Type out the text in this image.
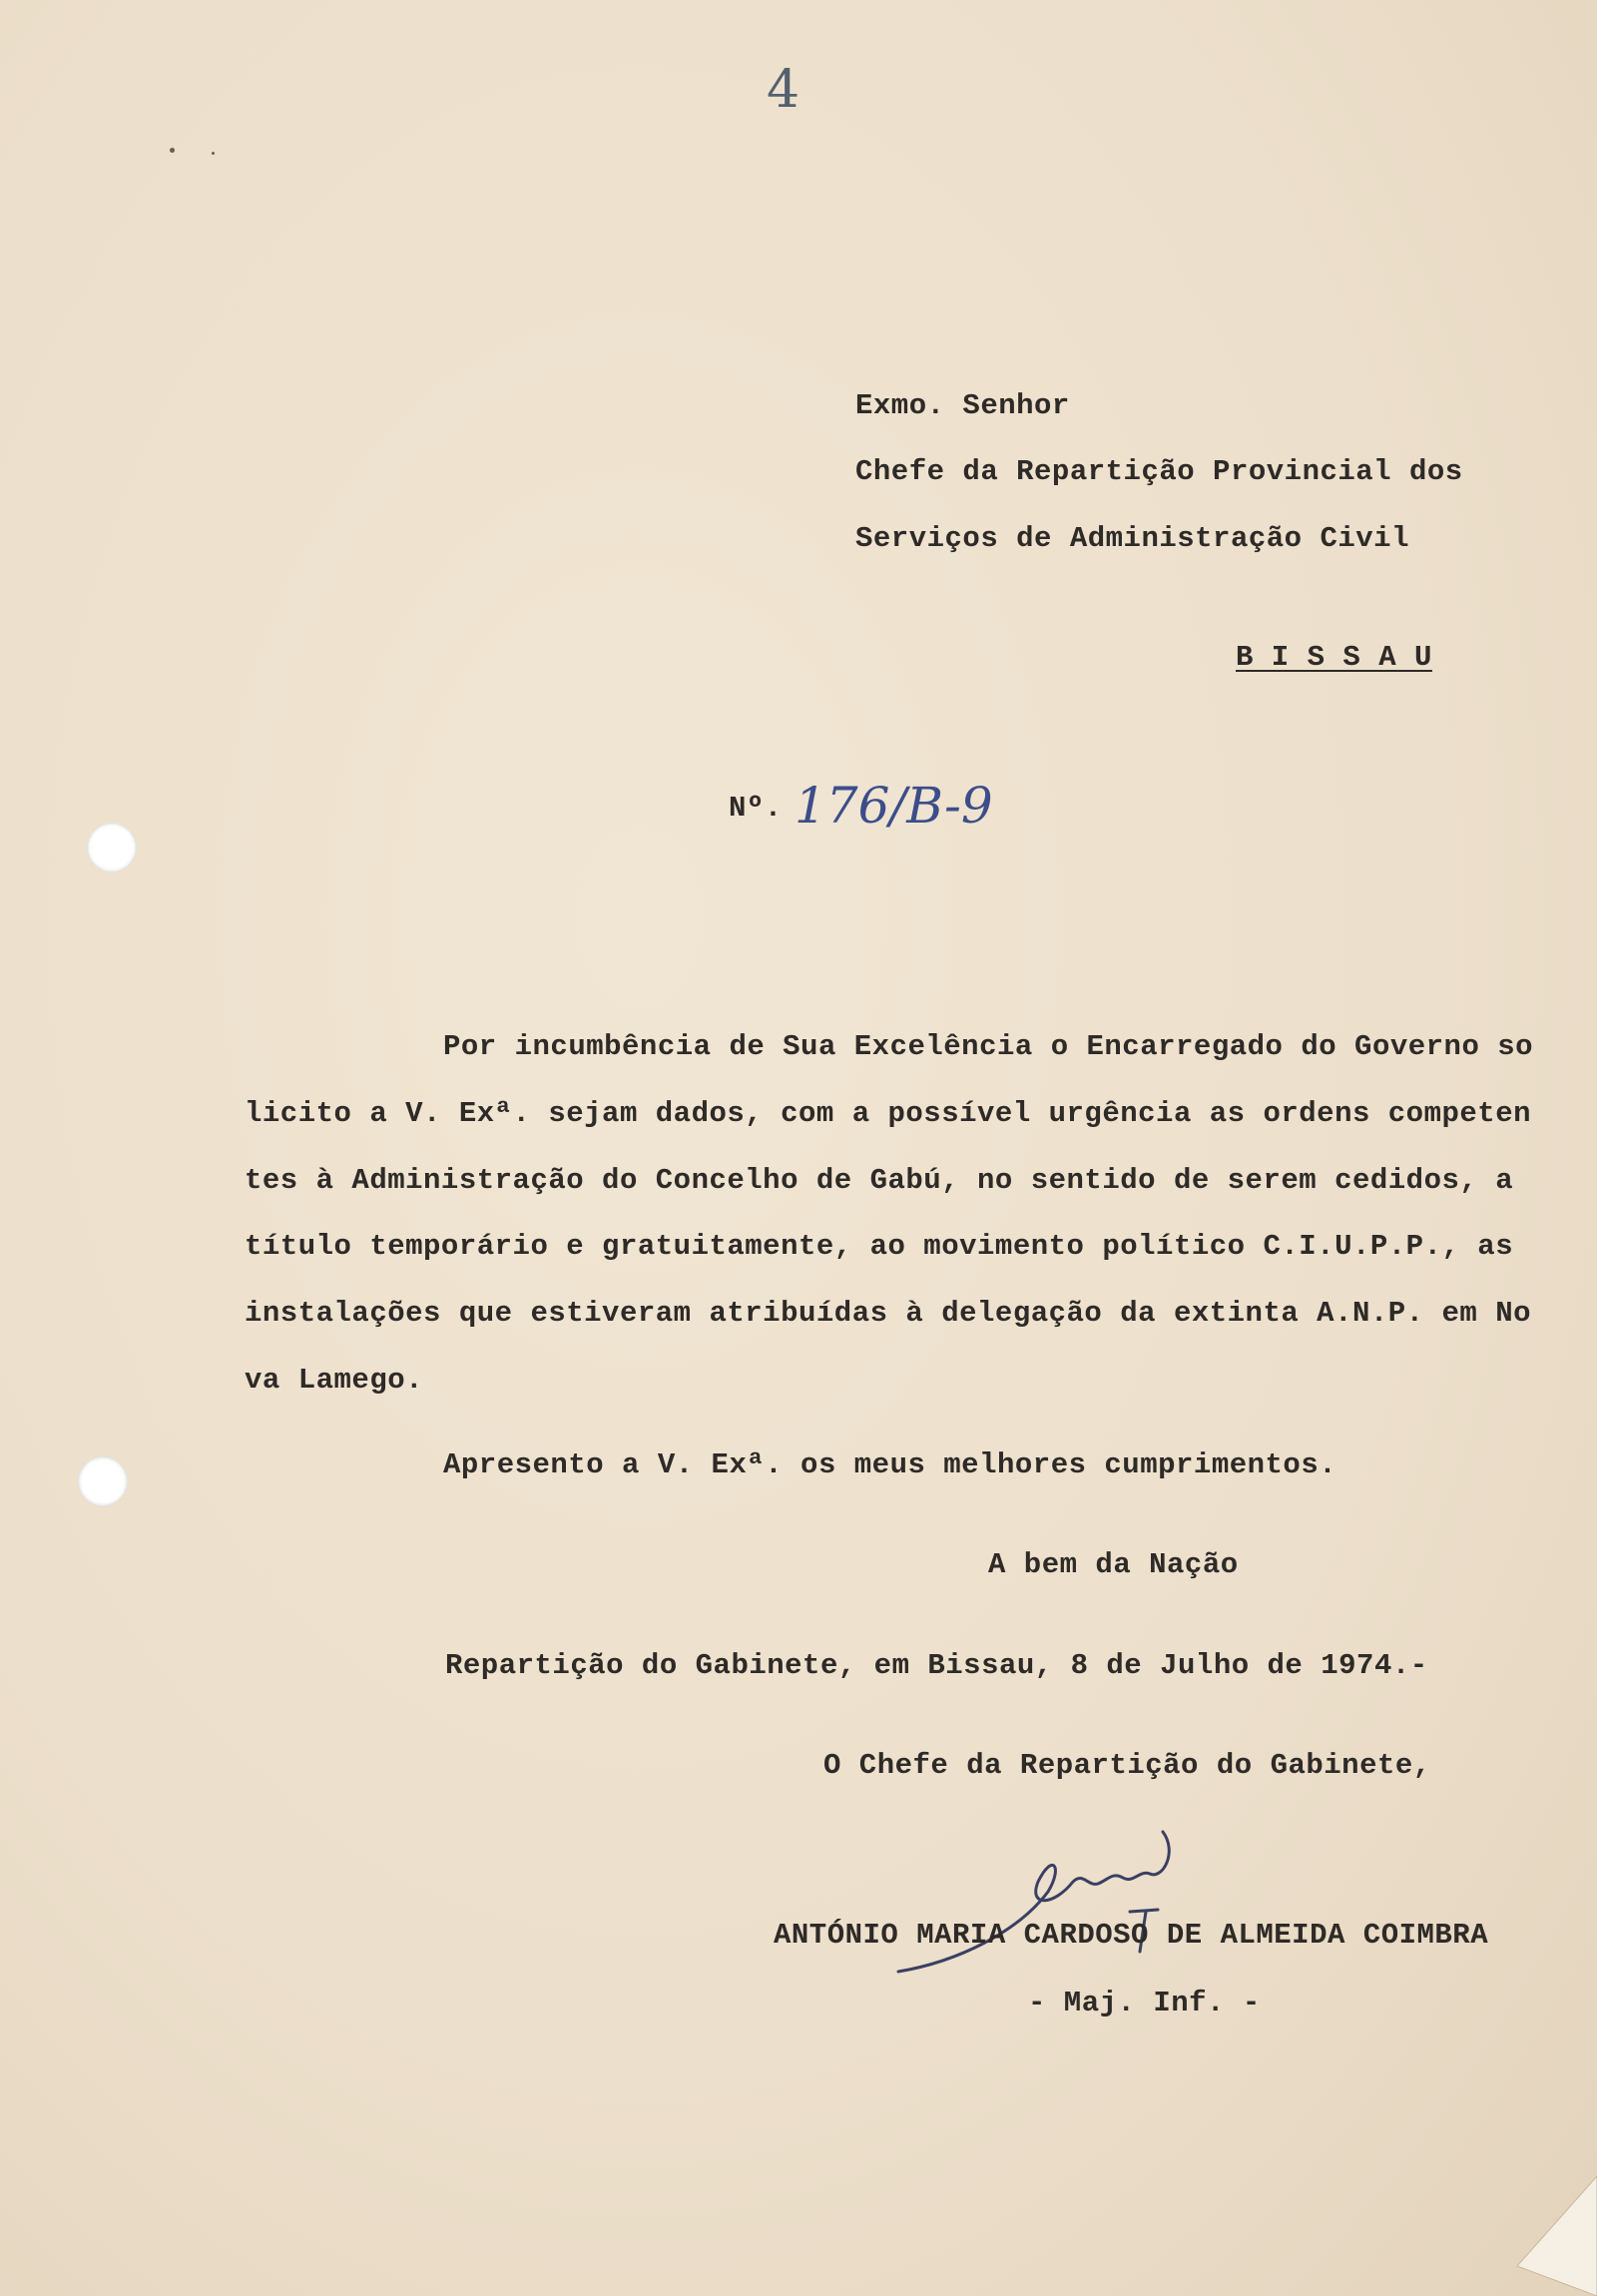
4
Exmo. Senhor
Chefe da Repartição Provincial dos
Serviços de Administração Civil
B I S S A U
Nº. 176/B-9
Por incumbência de Sua Excelência o Encarregado do Governo so
licito a V. Exª. sejam dados, com a possível urgência as ordens competen
tes à Administração do Concelho de Gabú, no sentido de serem cedidos, a
título temporário e gratuitamente, ao movimento político C.I.U.P.P., as
instalações que estiveram atribuídas à delegação da extinta A.N.P. em No
va Lamego.
Apresento a V. Exª. os meus melhores cumprimentos.
A bem da Nação
Repartição do Gabinete, em Bissau, 8 de Julho de 1974.-
O Chefe da Repartição do Gabinete,
ANTÓNIO MARIA CARDOSO DE ALMEIDA COIMBRA
- Maj. Inf. -
